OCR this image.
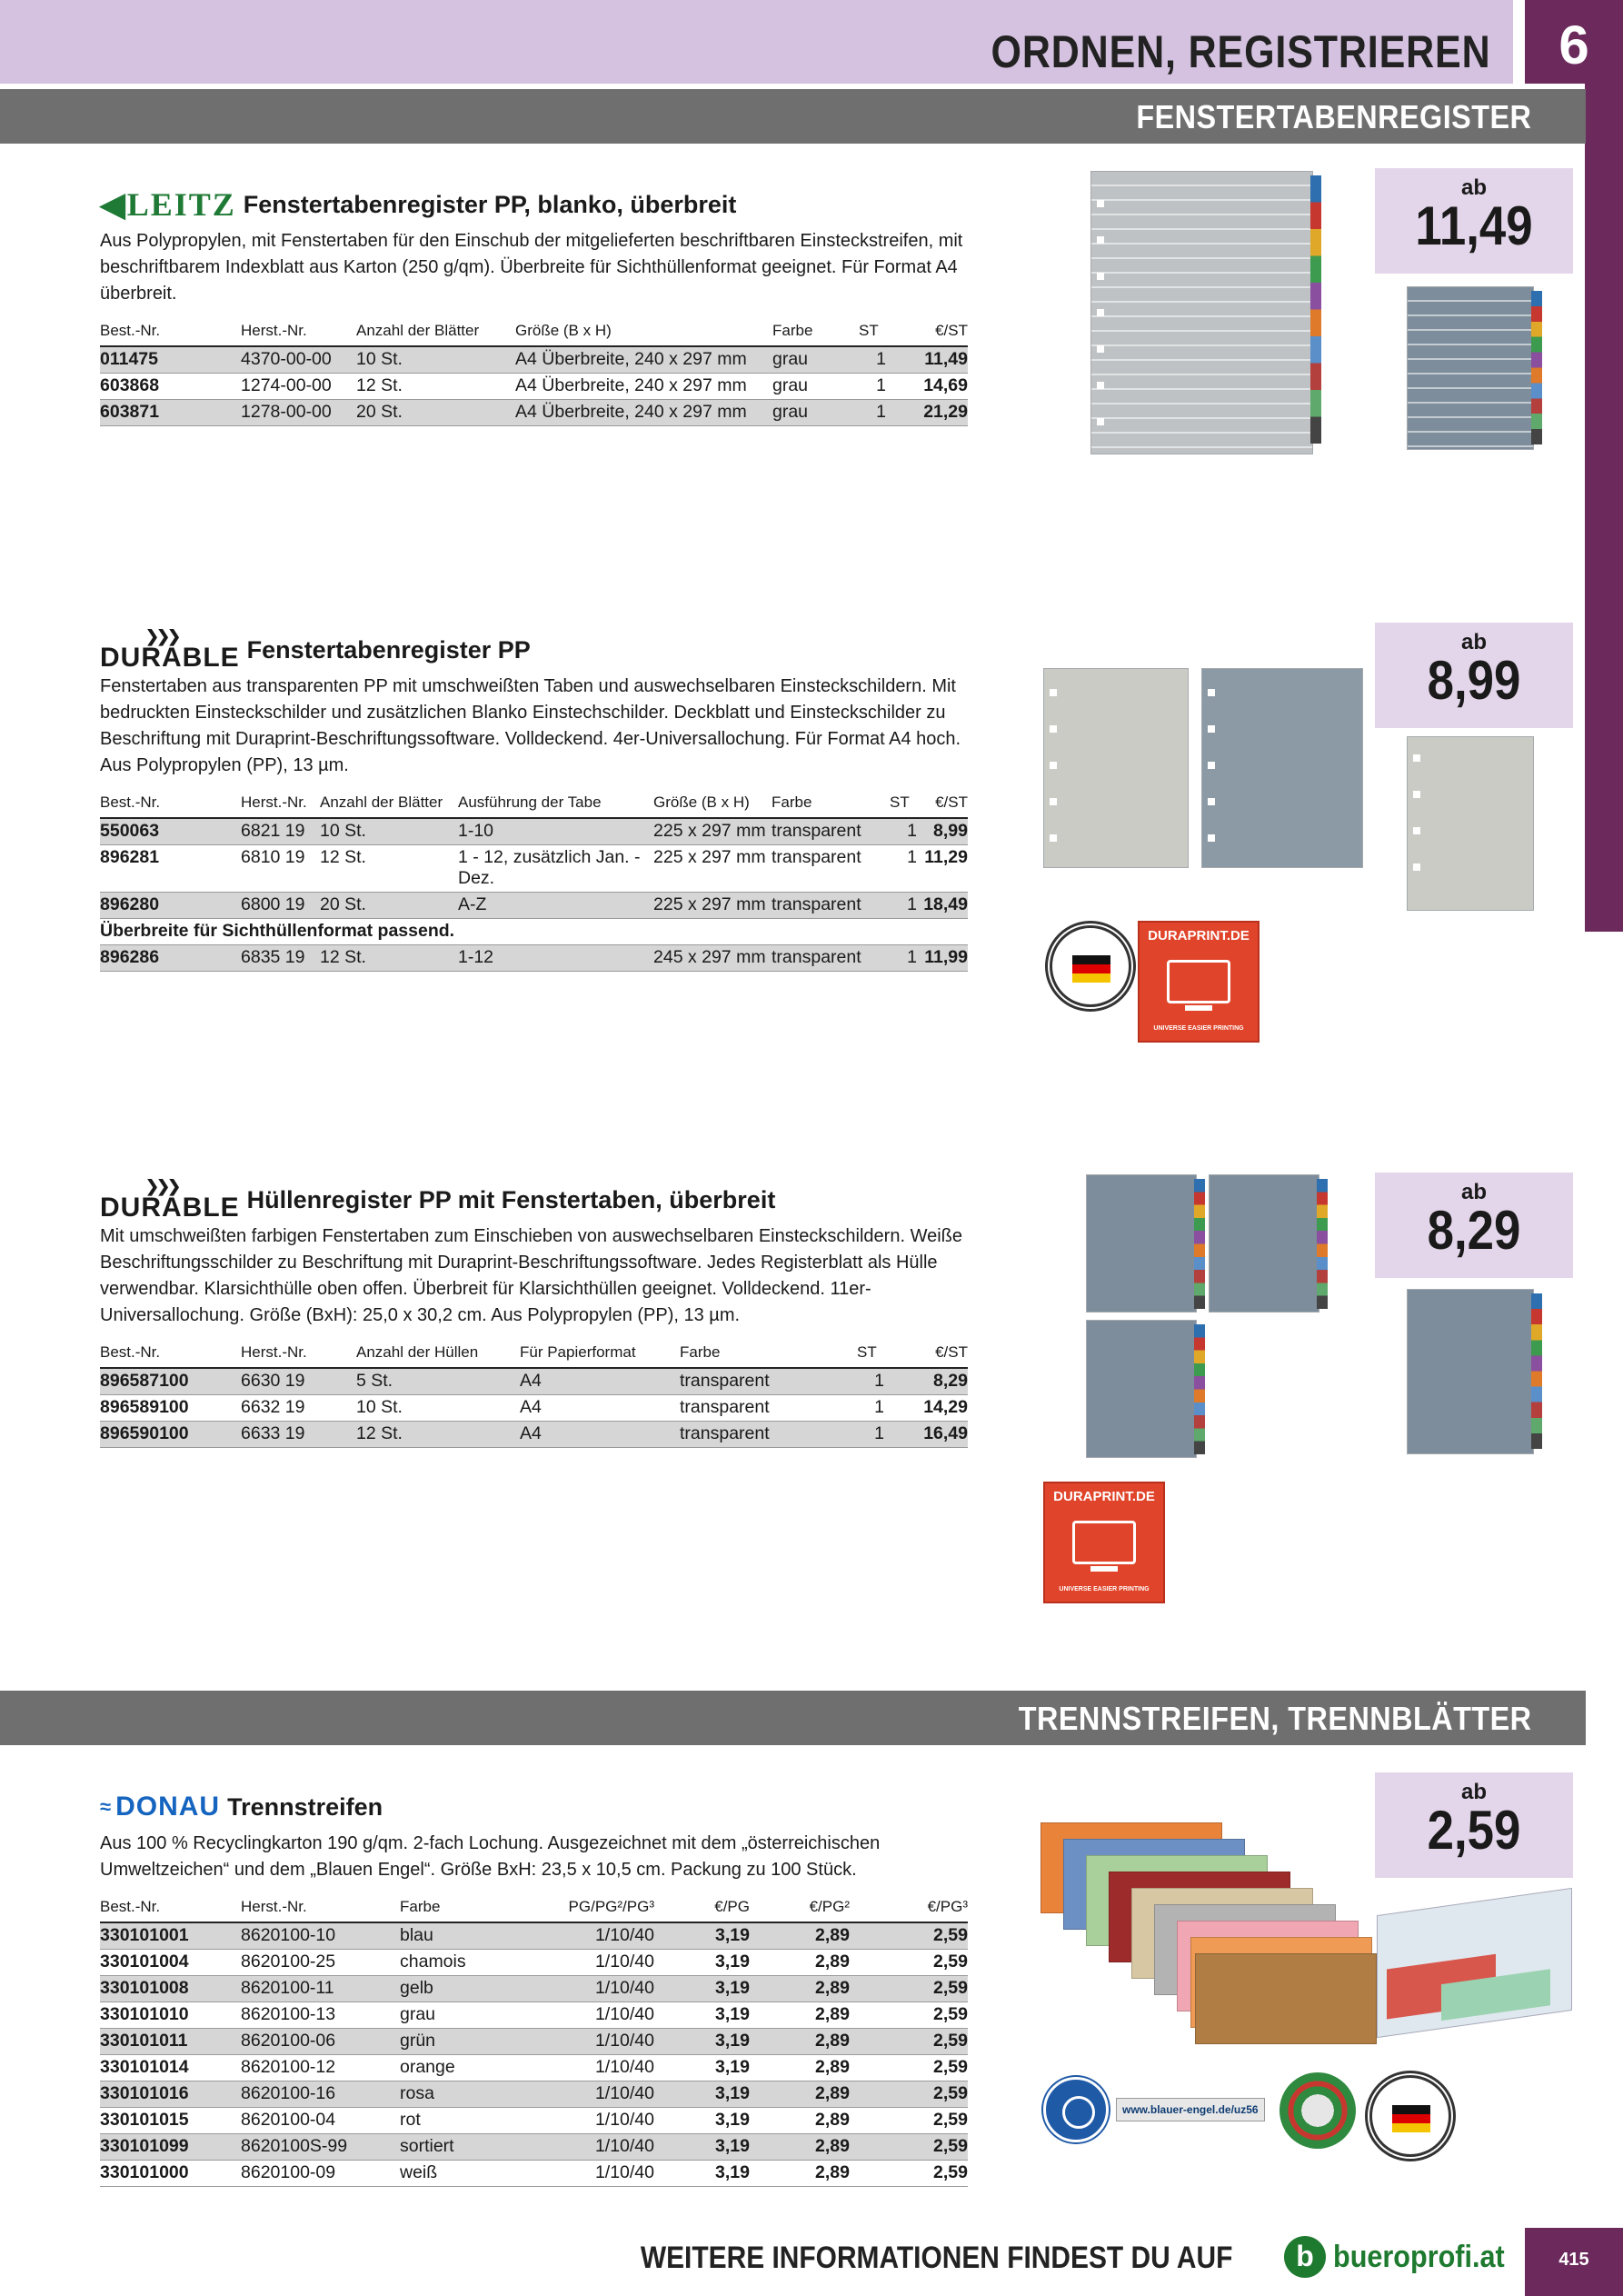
ORDNEN, REGISTRIEREN	6
FENSTERTABENREGISTER
◀ LEITZ Fenstertabenregister PP, blanko, überbreit
Aus Polypropylen, mit Fenstertaben für den Einschub der mitgelieferten beschriftbaren Einsteckstreifen, mit beschriftbarem Indexblatt aus Karton (250 g/qm). Überbreite für Sichthüllenformat geeignet. Für Format A4 überbreit.
Best.-Nr.	Herst.-Nr.	Anzahl der Blätter	Größe (B x H)	Farbe	ST	€/ST
011475	4370-00-00	10 St.	A4 Überbreite, 240 x 297 mm	grau	1	11,49
603868	1274-00-00	12 St.	A4 Überbreite, 240 x 297 mm	grau	1	14,69
603871	1278-00-00	20 St.	A4 Überbreite, 240 x 297 mm	grau	1	21,29
ab
11,49
❯❯❯
DURABLE Fenstertabenregister PP
Fenstertaben aus transparenten PP mit umschweißten Taben und auswechselbaren Einsteckschildern. Mit bedruckten Einsteckschilder und zusätzlichen Blanko Einstechschilder. Deckblatt und Einsteckschilder zu Beschriftung mit Duraprint-Beschriftungssoftware. Volldeckend. 4er-Universallochung. Für Format A4 hoch. Aus Polypropylen (PP), 13 µm.
Best.-Nr.	Herst.-Nr.	Anzahl der Blätter	Ausführung der Tabe	Größe (B x H)	Farbe	ST	€/ST
550063	6821 19	10 St.	1-10	225 x 297 mm	transparent	1	8,99
896281	6810 19	12 St.	1 - 12, zusätzlich Jan. - Dez.	225 x 297 mm	transparent	1	11,29
896280	6800 19	20 St.	A-Z	225 x 297 mm	transparent	1	18,49
Überbreite für Sichthüllenformat passend.							
896286	6835 19	12 St.	1-12	245 x 297 mm	transparent	1	11,99
ab
8,99
DURAPRINT.DE
UNIVERSE EASIER PRINTING
❯❯❯
DURABLE Hüllenregister PP mit Fenstertaben, überbreit
Mit umschweißten farbigen Fenstertaben zum Einschieben von auswechselbaren Einsteckschildern. Weiße Beschriftungsschilder zu Beschriftung mit Duraprint-Beschriftungssoftware. Jedes Registerblatt als Hülle verwendbar. Klarsichthülle oben offen. Überbreit für Klarsichthüllen geeignet. Volldeckend. 11er- Universallochung. Größe (BxH): 25,0 x 30,2 cm. Aus Polypropylen (PP), 13 µm.
Best.-Nr.	Herst.-Nr.	Anzahl der Hüllen	Für Papierformat	Farbe	ST	€/ST
896587100	6630 19	5 St.	A4	transparent	1	8,29
896589100	6632 19	10 St.	A4	transparent	1	14,29
896590100	6633 19	12 St.	A4	transparent	1	16,49
ab
8,29
DURAPRINT.DE
UNIVERSE EASIER PRINTING
TRENNSTREIFEN, TRENNBLÄTTER
≈ DONAU Trennstreifen
Aus 100 % Recyclingkarton 190 g/qm. 2-fach Lochung. Ausgezeichnet mit dem „österreichischen Umweltzeichen“ und dem „Blauen Engel“. Größe BxH: 23,5 x 10,5 cm. Packung zu 100 Stück.
Best.-Nr.	Herst.-Nr.	Farbe	PG/PG²/PG³	€/PG	€/PG²	€/PG³
330101001	8620100-10	blau	1/10/40	3,19	2,89	2,59
330101004	8620100-25	chamois	1/10/40	3,19	2,89	2,59
330101008	8620100-11	gelb	1/10/40	3,19	2,89	2,59
330101010	8620100-13	grau	1/10/40	3,19	2,89	2,59
330101011	8620100-06	grün	1/10/40	3,19	2,89	2,59
330101014	8620100-12	orange	1/10/40	3,19	2,89	2,59
330101016	8620100-16	rosa	1/10/40	3,19	2,89	2,59
330101015	8620100-04	rot	1/10/40	3,19	2,89	2,59
330101099	8620100S-99	sortiert	1/10/40	3,19	2,89	2,59
330101000	8620100-09	weiß	1/10/40	3,19	2,89	2,59
ab
2,59
www.blauer-engel.de/uz56
WEITERE INFORMATIONEN FINDEST DU AUF	b bueroprofi.at	415
